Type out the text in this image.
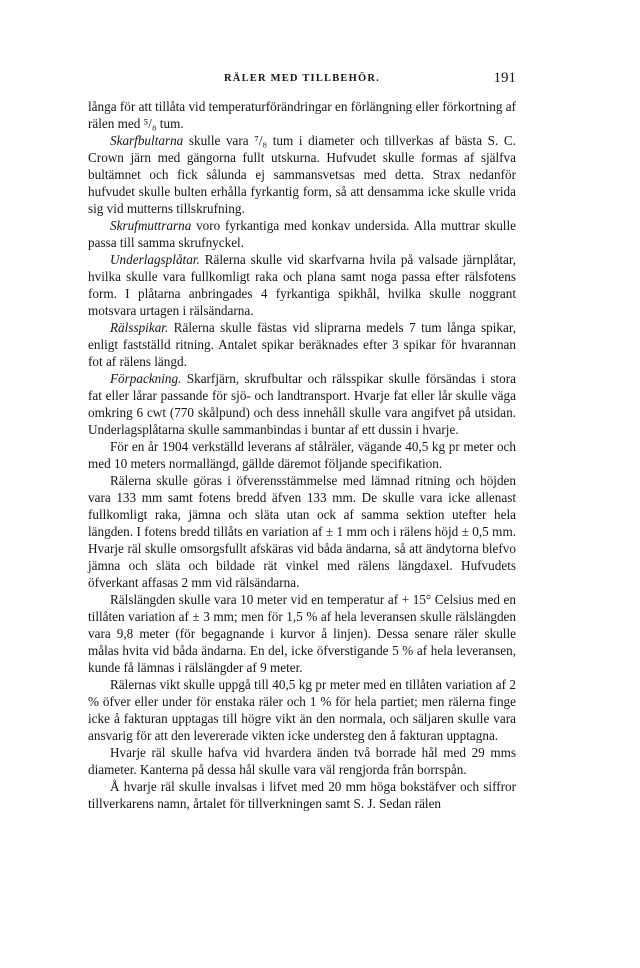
RÄLER MED TILLBEHÖR.	191

långa för att tillåta vid temperaturförändringar en förlängning eller förkortning af rälen med ⁵/₈ tum.

Skarfbultarna skulle vara ⁷/₈ tum i diameter och tillverkas af bästa S. C. Crown järn med gängorna fullt utskurna. Hufvudet skulle formas af själfva bultämnet och fick sålunda ej sammansvetsas med detta. Strax nedanför hufvudet skulle bulten erhålla fyrkantig form, så att densamma icke skulle vrida sig vid mutterns tillskrufning.

Skrufmuttrarna voro fyrkantiga med konkav undersida. Alla muttrar skulle passa till samma skrufnyckel.

Underlagsplåtar. Rälerna skulle vid skarfvarna hvila på valsade järnplåtar, hvilka skulle vara fullkomligt raka och plana samt noga passa efter rälsfotens form. I plåtarna anbringades 4 fyrkantiga spikhål, hvilka skulle noggrant motsvara urtagen i rälsändarna.

Rälsspikar. Rälerna skulle fästas vid sliprarna medels 7 tum långa spikar, enligt fastställd ritning. Antalet spikar beräknades efter 3 spikar för hvarannan fot af rälens längd.

Förpackning. Skarfjärn, skrufbultar och rälsspikar skulle försändas i stora fat eller lårar passande för sjö- och landtransport. Hvarje fat eller lår skulle väga omkring 6 cwt (770 skålpund) och dess innehåll skulle vara angifvet på utsidan. Underlagsplåtarna skulle sammanbindas i buntar af ett dussin i hvarje.

För en år 1904 verkställd leverans af stålräler, vägande 40,5 kg pr meter och med 10 meters normallängd, gällde däremot följande specifikation.

Rälerna skulle göras i öfverensstämmelse med lämnad ritning och höjden vara 133 mm samt fotens bredd äfven 133 mm. De skulle vara icke allenast fullkomligt raka, jämna och släta utan ock af samma sektion utefter hela längden. I fotens bredd tillåts en variation af ± 1 mm och i rälens höjd ± 0,5 mm. Hvarje räl skulle omsorgsfullt afskäras vid båda ändarna, så att ändytorna blefvo jämna och släta och bildade rät vinkel med rälens längdaxel. Hufvudets öfverkant affasas 2 mm vid rälsändarna.

Rälslängden skulle vara 10 meter vid en temperatur af + 15° Celsius med en tillåten variation af ± 3 mm; men för 1,5 % af hela leveransen skulle rälslängden vara 9,8 meter (för begagnande i kurvor å linjen). Dessa senare räler skulle målas hvita vid båda ändarna. En del, icke öfverstigande 5 % af hela leveransen, kunde få lämnas i rälslängder af 9 meter.

Rälernas vikt skulle uppgå till 40,5 kg pr meter med en tillåten variation af 2 % öfver eller under för enstaka räler och 1 % för hela partiet; men rälerna finge icke å fakturan upptagas till högre vikt än den normala, och säljaren skulle vara ansvarig för att den levererade vikten icke understeg den å fakturan upptagna.

Hvarje räl skulle hafva vid hvardera änden två borrade hål med 29 mms diameter. Kanterna på dessa hål skulle vara väl rengjorda från borrspån.

Å hvarje räl skulle invalsas i lifvet med 20 mm höga bokstäfver och siffror tillverkarens namn, årtalet för tillverkningen samt S. J. Sedan rälen
